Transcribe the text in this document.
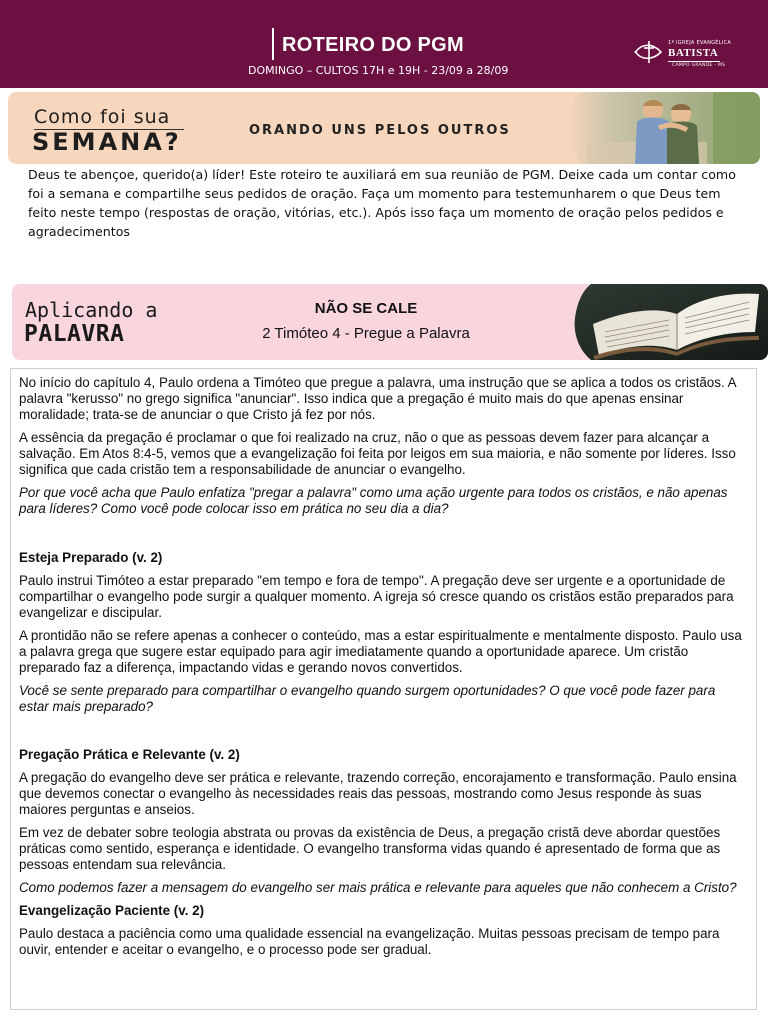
ROTEIRO DO PGM
DOMINGO – CULTOS 17H e 19H - 23/09 a 28/09
1ª IGREJA EVANGÉLICA
BATISTA
CAMPO GRANDE - MS
Como foi sua
SEMANA?	ORANDO UNS PELOS OUTROS
Deus te abençoe, querido(a) líder! Este roteiro te auxiliará em sua reunião de PGM. Deixe cada um contar como foi a semana e compartilhe seus pedidos de oração. Faça um momento para testemunharem o que Deus tem feito neste tempo (respostas de oração, vitórias, etc.). Após isso faça um momento de oração pelos pedidos e agradecimentos
Aplicando a
PALAVRA
NÃO SE CALE
2 Timóteo 4 - Pregue a Palavra

No início do capítulo 4, Paulo ordena a Timóteo que pregue a palavra, uma instrução que se aplica a todos os cristãos. A palavra "kerusso" no grego significa "anunciar". Isso indica que a pregação é muito mais do que apenas ensinar moralidade; trata-se de anunciar o que Cristo já fez por nós.

A essência da pregação é proclamar o que foi realizado na cruz, não o que as pessoas devem fazer para alcançar a salvação. Em Atos 8:4-5, vemos que a evangelização foi feita por leigos em sua maioria, e não somente por líderes. Isso significa que cada cristão tem a responsabilidade de anunciar o evangelho.

Por que você acha que Paulo enfatiza "pregar a palavra" como uma ação urgente para todos os cristãos, e não apenas para líderes? Como você pode colocar isso em prática no seu dia a dia?

Esteja Preparado (v. 2)

Paulo instrui Timóteo a estar preparado "em tempo e fora de tempo". A pregação deve ser urgente e a oportunidade de compartilhar o evangelho pode surgir a qualquer momento. A igreja só cresce quando os cristãos estão preparados para evangelizar e discipular.

A prontidão não se refere apenas a conhecer o conteúdo, mas a estar espiritualmente e mentalmente disposto. Paulo usa a palavra grega que sugere estar equipado para agir imediatamente quando a oportunidade aparece. Um cristão preparado faz a diferença, impactando vidas e gerando novos convertidos.

Você se sente preparado para compartilhar o evangelho quando surgem oportunidades? O que você pode fazer para estar mais preparado?

Pregação Prática e Relevante (v. 2)

A pregação do evangelho deve ser prática e relevante, trazendo correção, encorajamento e transformação. Paulo ensina que devemos conectar o evangelho às necessidades reais das pessoas, mostrando como Jesus responde às suas maiores perguntas e anseios.

Em vez de debater sobre teologia abstrata ou provas da existência de Deus, a pregação cristã deve abordar questões práticas como sentido, esperança e identidade. O evangelho transforma vidas quando é apresentado de forma que as pessoas entendam sua relevância.

Como podemos fazer a mensagem do evangelho ser mais prática e relevante para aqueles que não conhecem a Cristo?

Evangelização Paciente (v. 2)

Paulo destaca a paciência como uma qualidade essencial na evangelização. Muitas pessoas precisam de tempo para ouvir, entender e aceitar o evangelho, e o processo pode ser gradual.
